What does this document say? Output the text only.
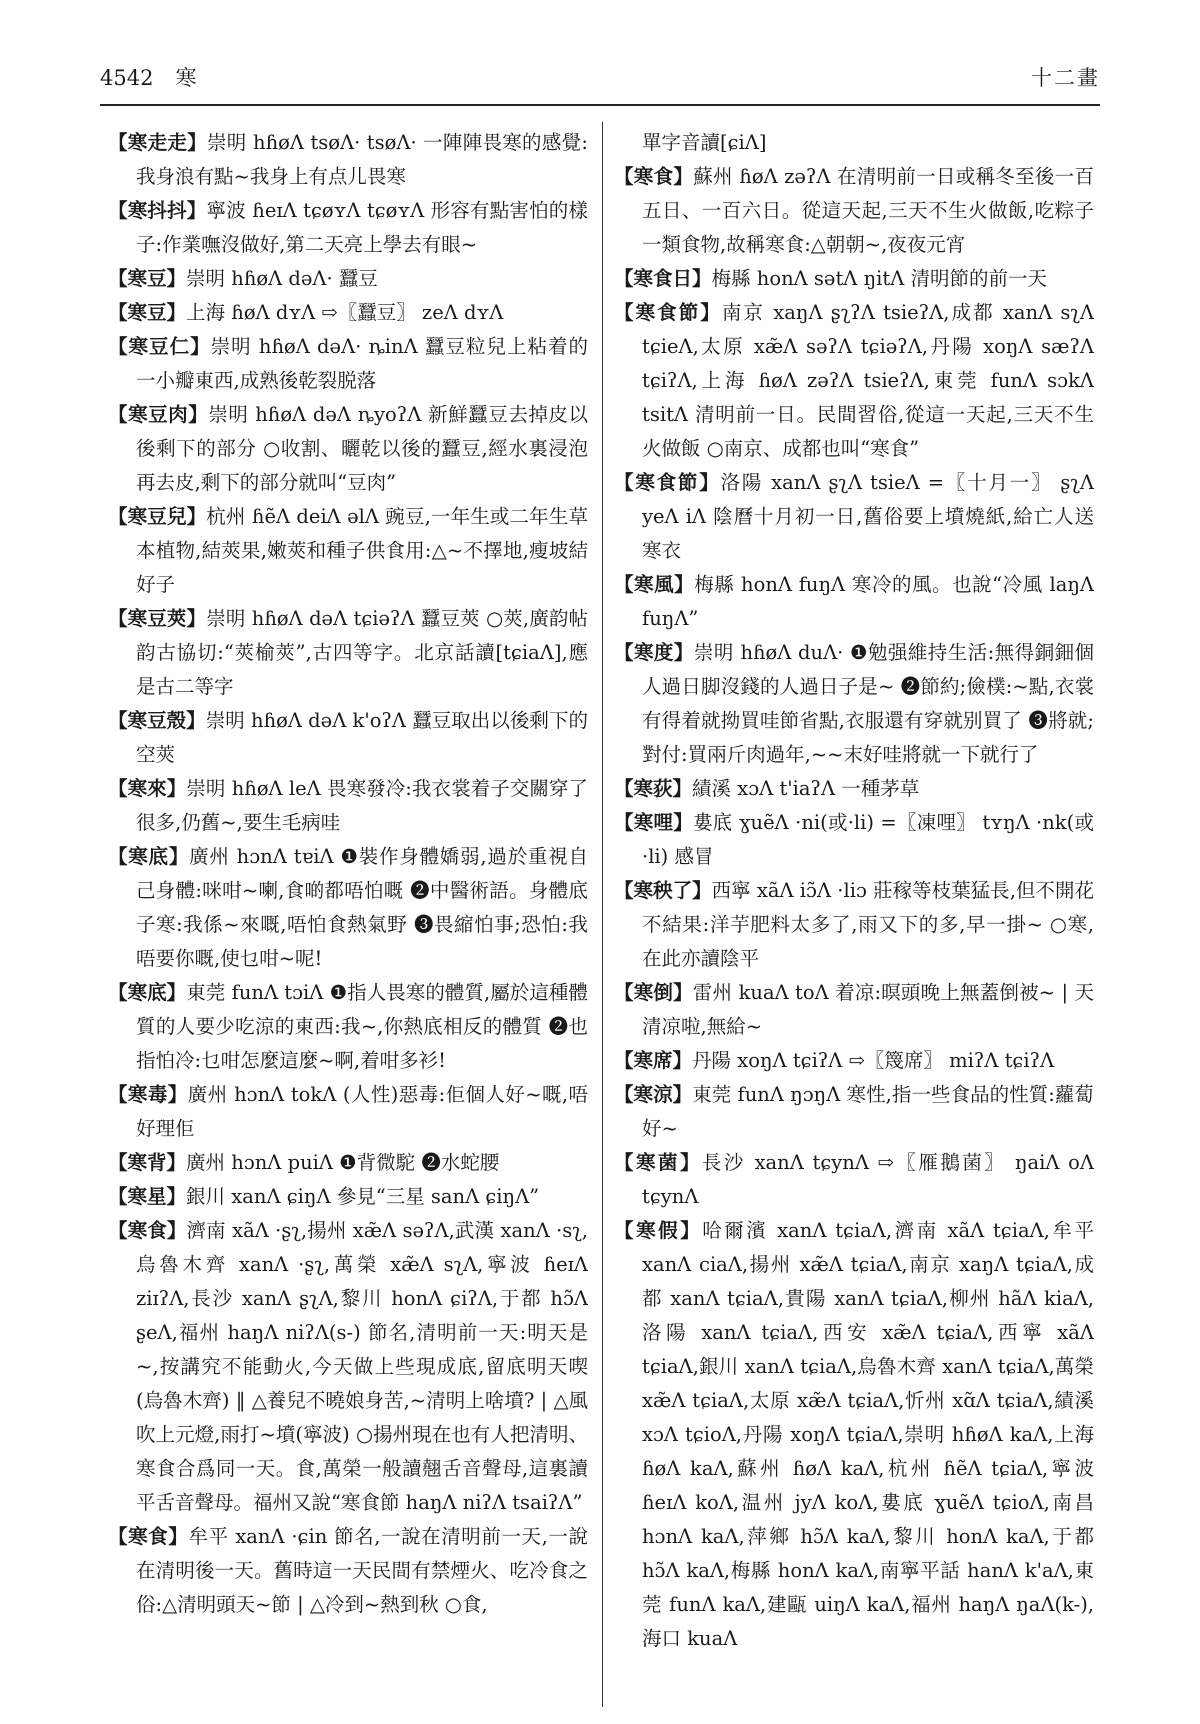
4542 寒	十二畫
【寒走走】崇明 hɦøɅ tsøɅ· tsøɅ· 一陣陣畏寒的感覺:我身浪有點~我身上有点儿畏寒
【寒抖抖】寧波 ɦeɪɅ tɕøʏɅ tɕøʏɅ 形容有點害怕的樣子:作業嘸沒做好,第二天亮上學去有眼~
【寒豆】崇明 hɦøɅ dəɅ· 蠶豆
【寒豆】上海 ɦøɅ dʏɅ ⇨〖蠶豆〗 zeɅ dʏɅ
【寒豆仁】崇明 hɦøɅ dəɅ· ȵinɅ 蠶豆粒兒上粘着的一小瓣東西,成熟後乾裂脱落
【寒豆肉】崇明 hɦøɅ dəɅ ȵyoʔɅ 新鮮蠶豆去掉皮以後剩下的部分 ○收割、曬乾以後的蠶豆,經水裏浸泡再去皮,剩下的部分就叫“豆肉”
【寒豆兒】杭州 ɦẽɅ deiɅ əlɅ 豌豆,一年生或二年生草本植物,結莢果,嫩莢和種子供食用:△~不擇地,瘦坡結好子
【寒豆莢】崇明 hɦøɅ dəɅ tɕiəʔɅ 蠶豆莢 ○莢,廣韵帖韵古協切:“莢榆莢”,古四等字。北京話讀[tɕiaɅ],應是古二等字
【寒豆殼】崇明 hɦøɅ dəɅ k'oʔɅ 蠶豆取出以後剩下的空莢
【寒來】崇明 hɦøɅ leɅ 畏寒發冷:我衣裳着子交關穿了很多,仍舊~,要生毛病哇
【寒底】廣州 hɔnɅ tɐiɅ ❶裝作身體嬌弱,過於重視自己身體:咪咁~喇,食啲都唔怕嘅 ❷中醫術語。身體底子寒:我係~來嘅,唔怕食熱氣野 ❸畏縮怕事;恐怕:我唔要你嘅,使乜咁~呢!
【寒底】東莞 funɅ tɔiɅ ❶指人畏寒的體質,屬於這種體質的人要少吃涼的東西:我~,你熱底相反的體質 ❷也指怕冷:乜咁怎麼這麼~啊,着咁多衫!
【寒毒】廣州 hɔnɅ tokɅ (人性)惡毒:佢個人好~嘅,唔好理佢
【寒背】廣州 hɔnɅ puiɅ ❶背微駝 ❷水蛇腰
【寒星】銀川 xanɅ ɕiŋɅ 參見“三星 sanɅ ɕiŋɅ”
【寒食】濟南 xãɅ ·ʂʅ,揚州 xæ̃Ʌ səʔɅ,武漢 xanɅ ·sʅ,烏魯木齊 xanɅ ·ʂʅ,萬榮 xæ̃Ʌ sʅɅ,寧波 ɦeɪɅ ziɪʔɅ,長沙 xanɅ ʂʅɅ,黎川 honɅ ɕiʔɅ,于都 hɔ̃Ʌ ʂeɅ,福州 haŋɅ niʔɅ(s-) 節名,清明前一天:明天是~,按講究不能動火,今天做上些現成底,留底明天喫(烏魯木齊) ‖ △養兒不曉娘身苦,~清明上啥墳? | △風吹上元燈,雨打~墳(寧波) ○揚州現在也有人把清明、寒食合爲同一天。食,萬榮一般讀翹舌音聲母,這裏讀平舌音聲母。福州又說“寒食節 haŋɅ niʔɅ tsaiʔɅ”
【寒食】牟平 xanɅ ·ɕin 節名,一說在清明前一天,一說在清明後一天。舊時這一天民間有禁煙火、吃冷食之俗:△清明頭天~節 | △冷到~熱到秋 ○食,
單字音讀[ɕiɅ]
【寒食】蘇州 ɦøɅ zəʔɅ 在清明前一日或稱冬至後一百五日、一百六日。從這天起,三天不生火做飯,吃粽子一類食物,故稱寒食:△朝朝~,夜夜元宵
【寒食日】梅縣 honɅ sətɅ ŋitɅ 清明節的前一天
【寒食節】南京 xaŋɅ ʂʅʔɅ tsieʔɅ,成都 xanɅ sʅɅ tɕieɅ,太原 xæ̃Ʌ səʔɅ tɕiəʔɅ,丹陽 xoŋɅ sæʔɅ tɕiʔɅ,上海 ɦøɅ zəʔɅ tsieʔɅ,東莞 funɅ sɔkɅ tsitɅ 清明前一日。民間習俗,從這一天起,三天不生火做飯 ○南京、成都也叫“寒食”
【寒食節】洛陽 xanɅ ʂʅɅ tsieɅ =〖十月一〗 ʂʅɅ yeɅ iɅ 陰曆十月初一日,舊俗要上墳燒紙,給亡人送寒衣
【寒風】梅縣 honɅ fuŋɅ 寒冷的風。也說“冷風 laŋɅ fuŋɅ”
【寒度】崇明 hɦøɅ duɅ· ❶勉强維持生活:無得銅鈿個人過日脚沒錢的人過日子是~ ❷節約;儉樸:~點,衣裳有得着就拗買哇節省點,衣服還有穿就别買了 ❸將就;對付:買兩斤肉過年,~~末好哇將就一下就行了
【寒荻】績溪 xɔɅ t'iaʔɅ 一種茅草
【寒哩】婁底 ɣuẽɅ ·ni(或·li) =〖凍哩〗 tʏŋɅ ·nk(或·li) 感冒
【寒秧了】西寧 xãɅ iɔ̃Ʌ ·liɔ 莊稼等枝葉猛長,但不開花不結果:洋芋肥料太多了,雨又下的多,早一掛~ ○寒,在此亦讀陰平
【寒倒】雷州 kuaɅ toɅ 着凉:暝頭晚上無蓋倒被~ | 天清凉啦,無給~
【寒席】丹陽 xoŋɅ tɕiʔɅ ⇨〖篾席〗 miʔɅ tɕiʔɅ
【寒涼】東莞 funɅ ŋɔŋɅ 寒性,指一些食品的性質:蘿蔔好~
【寒菌】長沙 xanɅ tɕynɅ ⇨〖雁鵝菌〗 ŋaiɅ oɅ tɕynɅ
【寒假】哈爾濱 xanɅ tɕiaɅ,濟南 xãɅ tɕiaɅ,牟平 xanɅ ciaɅ,揚州 xæ̃Ʌ tɕiaɅ,南京 xaŋɅ tɕiaɅ,成都 xanɅ tɕiaɅ,貴陽 xanɅ tɕiaɅ,柳州 hãɅ kiaɅ,洛陽 xanɅ tɕiaɅ,西安 xæ̃Ʌ tɕiaɅ,西寧 xãɅ tɕiaɅ,銀川 xanɅ tɕiaɅ,烏魯木齊 xanɅ tɕiaɅ,萬榮 xæ̃Ʌ tɕiaɅ,太原 xæ̃Ʌ tɕiaɅ,忻州 xɑ̃Ʌ tɕiaɅ,績溪 xɔɅ tɕioɅ,丹陽 xoŋɅ tɕiaɅ,崇明 hɦøɅ kaɅ,上海 ɦøɅ kaɅ,蘇州 ɦøɅ kaɅ,杭州 ɦẽɅ tɕiaɅ,寧波 ɦeɪɅ koɅ,温州 jyɅ koɅ,婁底 ɣuẽɅ tɕioɅ,南昌 hɔnɅ kaɅ,萍鄉 hɔ̃Ʌ kaɅ,黎川 honɅ kaɅ,于都 hɔ̃Ʌ kaɅ,梅縣 honɅ kaɅ,南寧平話 hanɅ k'aɅ,東莞 funɅ kaɅ,建甌 uiŋɅ kaɅ,福州 haŋɅ ŋaɅ(k-),海口 kuaɅ
